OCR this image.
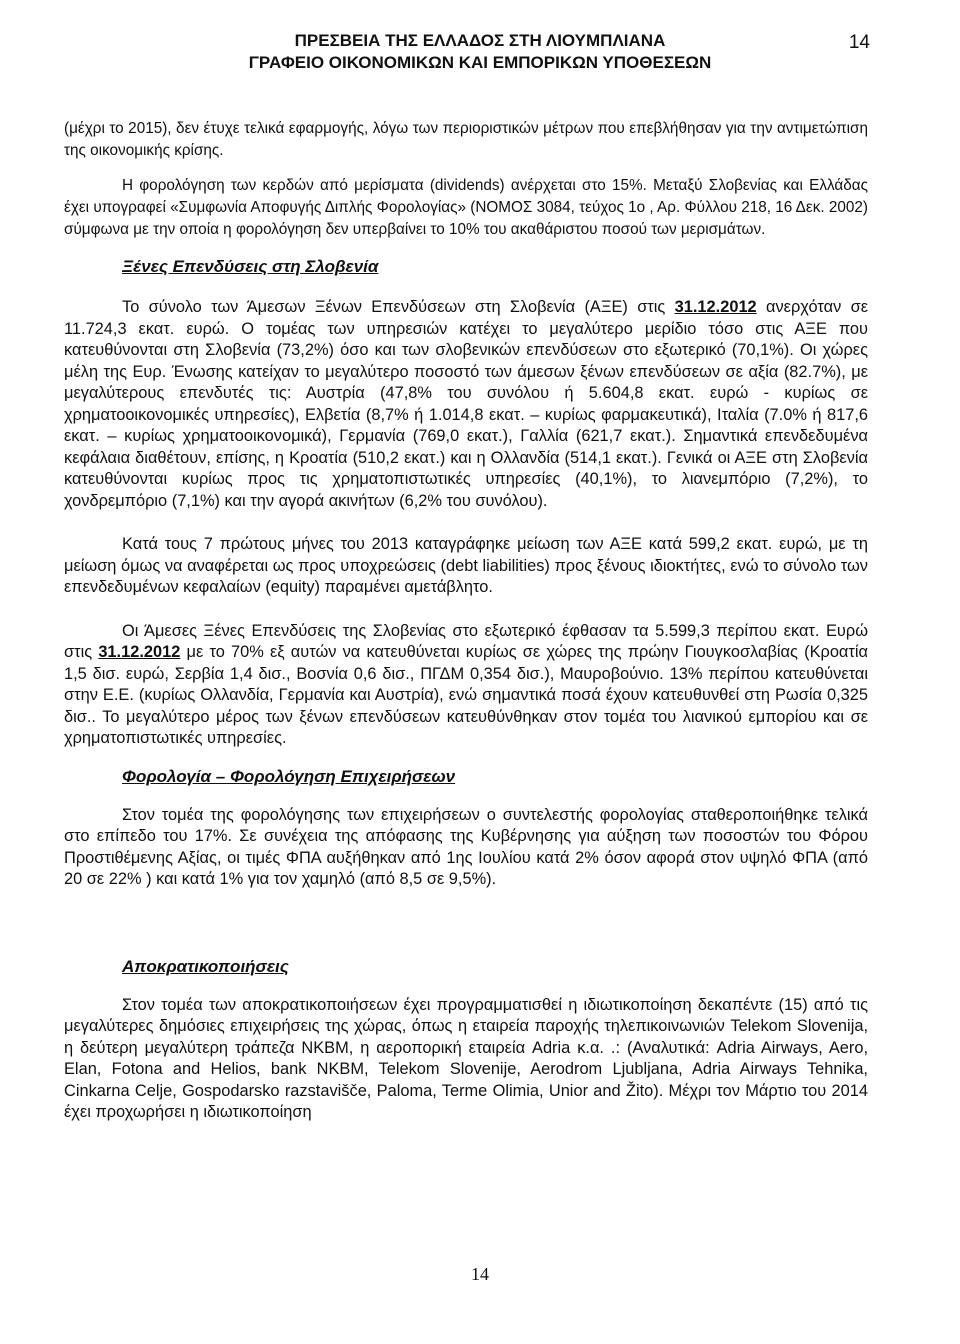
ΠΡΕΣΒΕΙΑ ΤΗΣ ΕΛΛΑΔΟΣ ΣΤΗ ΛΙΟΥΜΠΛΙΑΝΑ
ΓΡΑΦΕΙΟ ΟΙΚΟΝΟΜΙΚΩΝ ΚΑΙ ΕΜΠΟΡΙΚΩΝ ΥΠΟΘΕΣΕΩΝ
14

(μέχρι το 2015), δεν έτυχε τελικά εφαρμογής, λόγω των περιοριστικών μέτρων που επεβλήθησαν για την αντιμετώπιση της οικονομικής κρίσης.

Η φορολόγηση των κερδών από μερίσματα (dividends) ανέρχεται στο 15%. Μεταξύ Σλοβενίας και Ελλάδας έχει υπογραφεί «Συμφωνία Αποφυγής Διπλής Φορολογίας» (ΝΟΜΟΣ 3084, τεύχος 1ο , Αρ. Φύλλου 218, 16 Δεκ. 2002) σύμφωνα με την οποία η φορολόγηση δεν υπερβαίνει το 10% του ακαθάριστου ποσού των μερισμάτων.

Ξένες Επενδύσεις στη Σλοβενία

Το σύνολο των Άμεσων Ξένων Επενδύσεων στη Σλοβενία (ΑΞΕ) στις 31.12.2012 ανερχόταν σε 11.724,3 εκατ. ευρώ. Ο τομέας των υπηρεσιών κατέχει το μεγαλύτερο μερίδιο τόσο στις ΑΞΕ που κατευθύνονται στη Σλοβενία (73,2%) όσο και των σλοβενικών επενδύσεων στο εξωτερικό (70,1%). Οι χώρες μέλη της Ευρ. Ένωσης κατείχαν το μεγαλύτερο ποσοστό των άμεσων ξένων επενδύσεων σε αξία (82.7%), με μεγαλύτερους επενδυτές τις: Αυστρία (47,8% του συνόλου ή 5.604,8 εκατ. ευρώ - κυρίως σε χρηματοοικονομικές υπηρεσίες), Ελβετία (8,7% ή 1.014,8 εκατ. – κυρίως φαρμακευτικά), Ιταλία (7.0% ή 817,6 εκατ. – κυρίως χρηματοοικονομικά), Γερμανία (769,0 εκατ.), Γαλλία (621,7 εκατ.). Σημαντικά επενδεδυμένα κεφάλαια διαθέτουν, επίσης, η Κροατία (510,2 εκατ.) και η Ολλανδία (514,1 εκατ.). Γενικά οι ΑΞΕ στη Σλοβενία κατευθύνονται κυρίως προς τις χρηματοπιστωτικές υπηρεσίες (40,1%), το λιανεμπόριο (7,2%), το χονδρεμπόριο (7,1%) και την αγορά ακινήτων (6,2% του συνόλου).

Κατά τους 7 πρώτους μήνες του 2013 καταγράφηκε μείωση των ΑΞΕ κατά 599,2 εκατ. ευρώ, με τη μείωση όμως να αναφέρεται ως προς υποχρεώσεις (debt liabilities) προς ξένους ιδιοκτήτες, ενώ το σύνολο των επενδεδυμένων κεφαλαίων (equity) παραμένει αμετάβλητο.

Οι Άμεσες Ξένες Επενδύσεις της Σλοβενίας στο εξωτερικό έφθασαν τα 5.599,3 περίπου εκατ. Ευρώ στις 31.12.2012 με το 70% εξ αυτών να κατευθύνεται κυρίως σε χώρες της πρώην Γιουγκοσλαβίας (Κροατία 1,5 δισ. ευρώ, Σερβία 1,4 δισ., Βοσνία 0,6 δισ., ΠΓΔΜ 0,354 δισ.), Μαυροβούνιο. 13% περίπου κατευθύνεται στην Ε.Ε. (κυρίως Ολλανδία, Γερμανία και Αυστρία), ενώ σημαντικά ποσά έχουν κατευθυνθεί στη Ρωσία 0,325 δισ.. Το μεγαλύτερο μέρος των ξένων επενδύσεων κατευθύνθηκαν στον τομέα του λιανικού εμπορίου και σε χρηματοπιστωτικές υπηρεσίες.

Φορολογία – Φορολόγηση Επιχειρήσεων

Στον τομέα της φορολόγησης των επιχειρήσεων ο συντελεστής φορολογίας σταθεροποιήθηκε τελικά στο επίπεδο του 17%. Σε συνέχεια της απόφασης της Κυβέρνησης για αύξηση των ποσοστών του Φόρου Προστιθέμενης Αξίας, οι τιμές ΦΠΑ αυξήθηκαν από 1ης Ιουλίου κατά 2% όσον αφορά στον υψηλό ΦΠΑ (από 20 σε 22% ) και κατά 1% για τον χαμηλό (από 8,5 σε 9,5%).

Αποκρατικοποιήσεις

Στον τομέα των αποκρατικοποιήσεων έχει προγραμματισθεί η ιδιωτικοποίηση δεκαπέντε (15) από τις μεγαλύτερες δημόσιες επιχειρήσεις της χώρας, όπως η εταιρεία παροχής τηλεπικοινωνιών Telekom Slovenija, η δεύτερη μεγαλύτερη τράπεζα NKBM, η αεροπορική εταιρεία Adria κ.α. .: (Αναλυτικά: Adria Airways, Aero, Elan, Fotona and Helios, bank NKBM, Telekom Slovenije, Aerodrom Ljubljana, Adria Airways Tehnika, Cinkarna Celje, Gospodarsko razstavišče, Paloma, Terme Olimia, Unior and Žito). Μέχρι τον Μάρτιο του 2014 έχει προχωρήσει η ιδιωτικοποίηση

14
